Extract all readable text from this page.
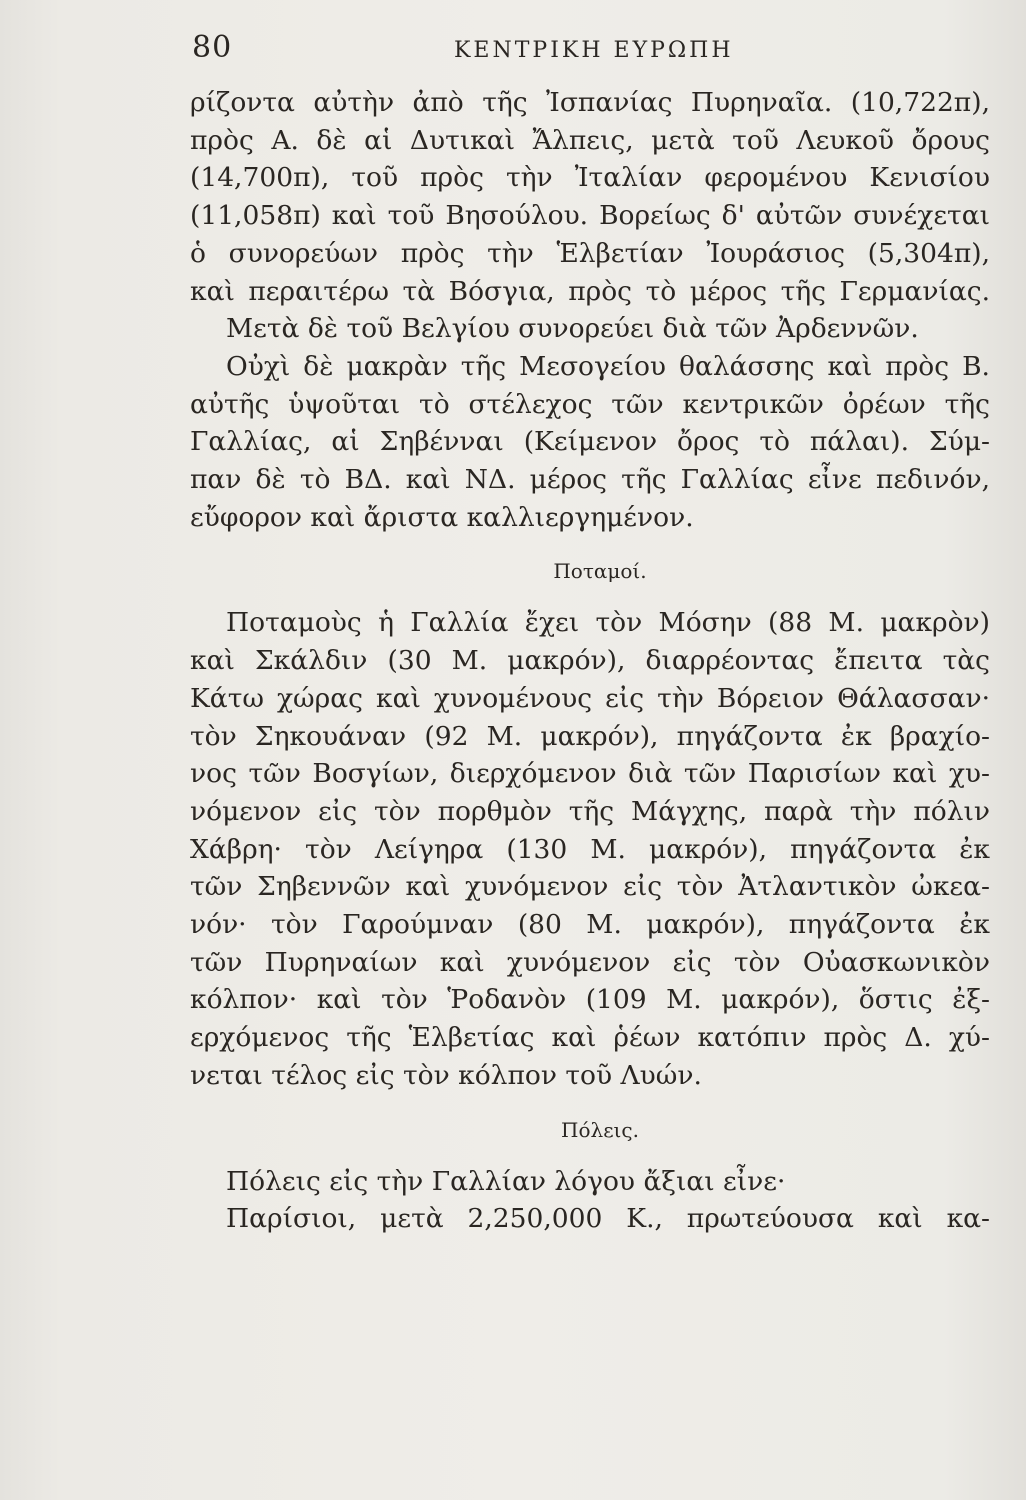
80	ΚΕΝΤΡΙΚΗ ΕΥΡΩΠΗ
ρίζοντα αὐτὴν ἀπὸ τῆς Ἰσπανίας Πυρηναῖα. (10,722π),
πρὸς Α. δὲ αἱ Δυτικαὶ Ἄλπεις, μετὰ τοῦ Λευκοῦ ὄρους
(14,700π), τοῦ πρὸς τὴν Ἰταλίαν φερομένου Κενισίου
(11,058π) καὶ τοῦ Βησούλου. Βορείως δ' αὐτῶν συνέχεται
ὁ συνορεύων πρὸς τὴν Ἑλβετίαν Ἰουράσιος (5,304π),
καὶ περαιτέρω τὰ Βόσγια, πρὸς τὸ μέρος τῆς Γερμανίας.
Μετὰ δὲ τοῦ Βελγίου συνορεύει διὰ τῶν Ἀρδεννῶν.
Οὐχὶ δὲ μακρὰν τῆς Μεσογείου θαλάσσης καὶ πρὸς Β.
αὐτῆς ὑψοῦται τὸ στέλεχος τῶν κεντρικῶν ὀρέων τῆς
Γαλλίας, αἱ Σηβένναι (Κείμενον ὄρος τὸ πάλαι). Σύμ-
παν δὲ τὸ ΒΔ. καὶ ΝΔ. μέρος τῆς Γαλλίας εἶνε πεδινόν,
εὔφορον καὶ ἄριστα καλλιεργημένον.
Ποταμοί.
Ποταμοὺς ἡ Γαλλία ἔχει τὸν Μόσην (88 Μ. μακρὸν)
καὶ Σκάλδιν (30 Μ. μακρόν), διαρρέοντας ἔπειτα τὰς
Κάτω χώρας καὶ χυνομένους εἰς τὴν Βόρειον Θάλασσαν·
τὸν Σηκουάναν (92 Μ. μακρόν), πηγάζοντα ἐκ βραχίο-
νος τῶν Βοσγίων, διερχόμενον διὰ τῶν Παρισίων καὶ χυ-
νόμενον εἰς τὸν πορθμὸν τῆς Μάγχης, παρὰ τὴν πόλιν
Χάβρη· τὸν Λείγηρα (130 Μ. μακρόν), πηγάζοντα ἐκ
τῶν Σηβεννῶν καὶ χυνόμενον εἰς τὸν Ἀτλαντικὸν ὠκεα-
νόν· τὸν Γαρούμναν (80 Μ. μακρόν), πηγάζοντα ἐκ
τῶν Πυρηναίων καὶ χυνόμενον εἰς τὸν Οὐασκωνικὸν
κόλπον· καὶ τὸν Ῥοδανὸν (109 Μ. μακρόν), ὅστις ἐξ-
ερχόμενος τῆς Ἑλβετίας καὶ ῥέων κατόπιν πρὸς Δ. χύ-
νεται τέλος εἰς τὸν κόλπον τοῦ Λυών.
Πόλεις.
Πόλεις εἰς τὴν Γαλλίαν λόγου ἄξιαι εἶνε·
Παρίσιοι, μετὰ 2,250,000 Κ., πρωτεύουσα καὶ κα-
